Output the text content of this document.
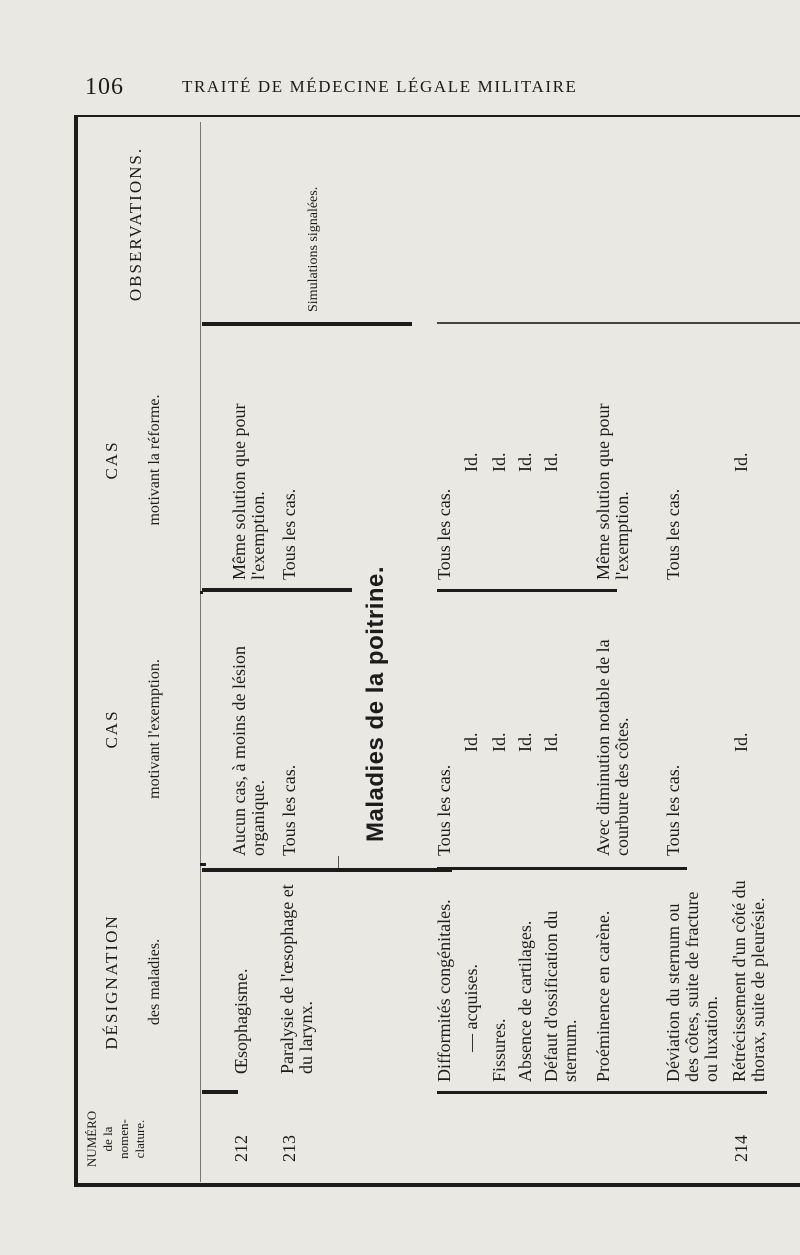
106	TRAITÉ DE MÉDECINE LÉGALE MILITAIRE
NUMÉRO de la nomen- clature.
DÉSIGNATION des maladies.
CAS motivant l'exemption.
CAS motivant la réforme.
OBSERVATIONS.
212
Œsophagisme.
Aucun cas, à moins de lésion organique.
Même solution que pour l'exemption.
213
Paralysie de l'œsophage et du larynx.
Tous les cas.
Tous les cas.
Simulations signalées.
Maladies de la poitrine.
Difformités congénitales.
Tous les cas.
Tous les cas.
— acquises.
Id.
Id.
Fissures.
Id.
Id.
Absence de cartilages.
Id.
Id.
Défaut d'ossification du sternum.
Id.
Id.
Proéminence en carène.
Avec diminution notable de la courbure des côtes.
Même solution que pour l'exemption.
Déviation du sternum ou des côtes, suite de fracture ou luxation.
Tous les cas.
Tous les cas.
214
Rétrécissement d'un côté du thorax, suite de pleurésie.
Id.
Id.
